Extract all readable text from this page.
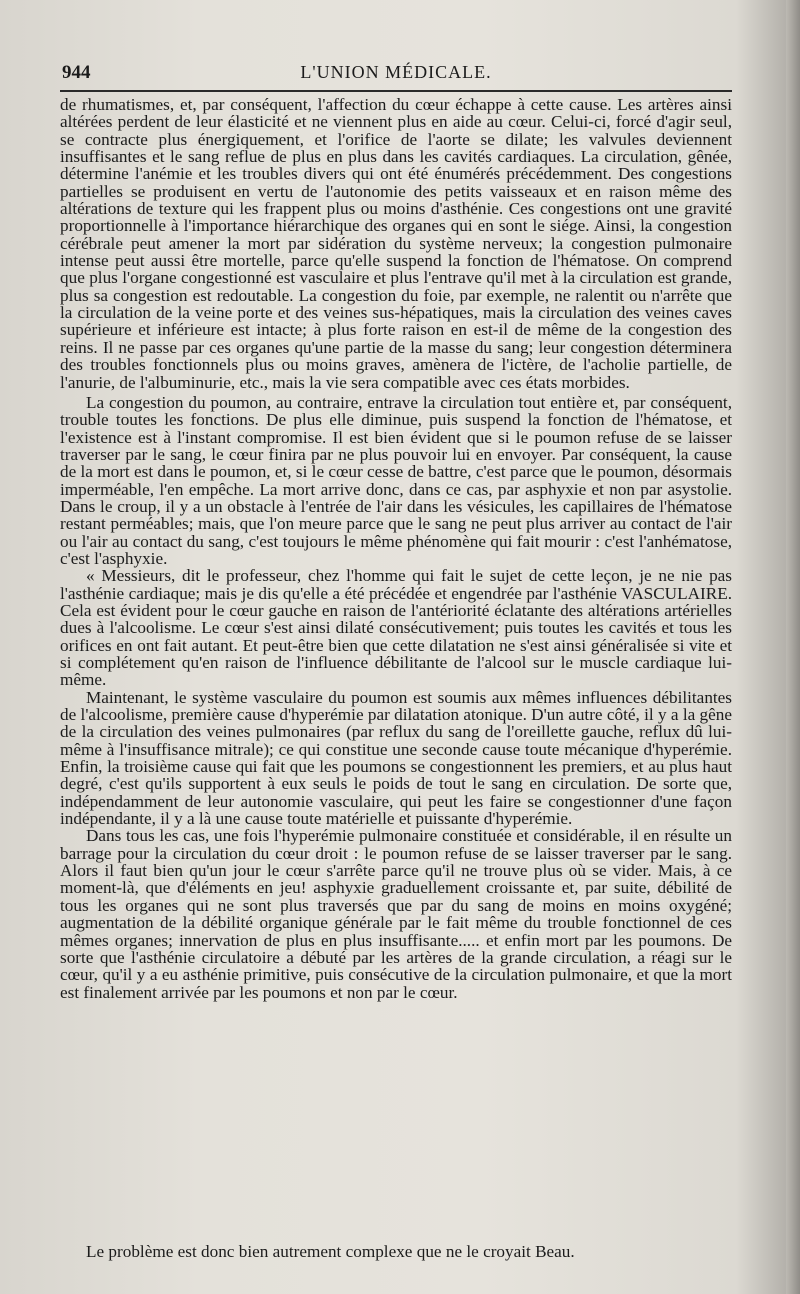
944	L'UNION MÉDICALE.

de rhumatismes, et, par conséquent, l'affection du cœur échappe à cette cause. Les artères ainsi altérées perdent de leur élasticité et ne viennent plus en aide au cœur. Celui-ci, forcé d'agir seul, se contracte plus énergiquement, et l'orifice de l'aorte se dilate; les valvules deviennent insuffisantes et le sang reflue de plus en plus dans les cavités cardiaques. La circulation, gênée, détermine l'anémie et les troubles divers qui ont été énumérés précédemment. Des congestions partielles se produisent en vertu de l'autonomie des petits vaisseaux et en raison même des altérations de texture qui les frappent plus ou moins d'asthénie. Ces congestions ont une gravité proportionnelle à l'importance hiérarchique des organes qui en sont le siége. Ainsi, la congestion cérébrale peut amener la mort par sidération du système nerveux; la congestion pulmonaire intense peut aussi être mortelle, parce qu'elle suspend la fonction de l'hématose. On comprend que plus l'organe congestionné est vasculaire et plus l'entrave qu'il met à la circulation est grande, plus sa congestion est redoutable. La congestion du foie, par exemple, ne ralentit ou n'arrête que la circulation de la veine porte et des veines sus-hépatiques, mais la circulation des veines caves supérieure et inférieure est intacte; à plus forte raison en est-il de même de la congestion des reins. Il ne passe par ces organes qu'une partie de la masse du sang; leur congestion déterminera des troubles fonctionnels plus ou moins graves, amènera de l'ictère, de l'acholie partielle, de l'anurie, de l'albuminurie, etc., mais la vie sera compatible avec ces états morbides.

La congestion du poumon, au contraire, entrave la circulation tout entière et, par conséquent, trouble toutes les fonctions. De plus elle diminue, puis suspend la fonction de l'hématose, et l'existence est à l'instant compromise. Il est bien évident que si le poumon refuse de se laisser traverser par le sang, le cœur finira par ne plus pouvoir lui en envoyer. Par conséquent, la cause de la mort est dans le poumon, et, si le cœur cesse de battre, c'est parce que le poumon, désormais imperméable, l'en empêche. La mort arrive donc, dans ce cas, par asphyxie et non par asystolie. Dans le croup, il y a un obstacle à l'entrée de l'air dans les vésicules, les capillaires de l'hématose restant perméables; mais, que l'on meure parce que le sang ne peut plus arriver au contact de l'air ou l'air au contact du sang, c'est toujours le même phénomène qui fait mourir : c'est l'anhématose, c'est l'asphyxie.

« Messieurs, dit le professeur, chez l'homme qui fait le sujet de cette leçon, je ne nie pas l'asthénie cardiaque; mais je dis qu'elle a été précédée et engendrée par l'asthénie VASCULAIRE. Cela est évident pour le cœur gauche en raison de l'antériorité éclatante des altérations artérielles dues à l'alcoolisme. Le cœur s'est ainsi dilaté consécutivement; puis toutes les cavités et tous les orifices en ont fait autant. Et peut-être bien que cette dilatation ne s'est ainsi généralisée si vite et si complétement qu'en raison de l'influence débilitante de l'alcool sur le muscle cardiaque lui-même.

Maintenant, le système vasculaire du poumon est soumis aux mêmes influences débilitantes de l'alcoolisme, première cause d'hyperémie par dilatation atonique. D'un autre côté, il y a la gêne de la circulation des veines pulmonaires (par reflux du sang de l'oreillette gauche, reflux dû lui-même à l'insuffisance mitrale); ce qui constitue une seconde cause toute mécanique d'hyperémie. Enfin, la troisième cause qui fait que les poumons se congestionnent les premiers, et au plus haut degré, c'est qu'ils supportent à eux seuls le poids de tout le sang en circulation. De sorte que, indépendamment de leur autonomie vasculaire, qui peut les faire se congestionner d'une façon indépendante, il y a là une cause toute matérielle et puissante d'hyperémie.

Dans tous les cas, une fois l'hyperémie pulmonaire constituée et considérable, il en résulte un barrage pour la circulation du cœur droit : le poumon refuse de se laisser traverser par le sang. Alors il faut bien qu'un jour le cœur s'arrête parce qu'il ne trouve plus où se vider. Mais, à ce moment-là, que d'éléments en jeu! asphyxie graduellement croissante et, par suite, débilité de tous les organes qui ne sont plus traversés que par du sang de moins en moins oxygéné; augmentation de la débilité organique générale par le fait même du trouble fonctionnel de ces mêmes organes; innervation de plus en plus insuffisante..... et enfin mort par les poumons. De sorte que l'asthénie circulatoire a débuté par les artères de la grande circulation, a réagi sur le cœur, qu'il y a eu asthénie primitive, puis consécutive de la circulation pulmonaire, et que la mort est finalement arrivée par les poumons et non par le cœur.

Le problème est donc bien autrement complexe que ne le croyait Beau.
